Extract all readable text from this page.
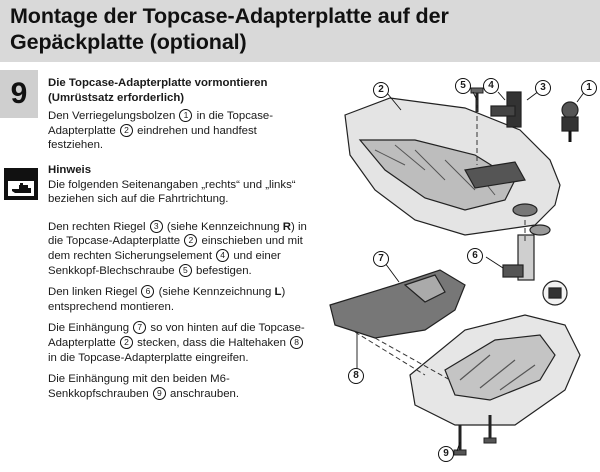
Montage der Topcase-Adapterplatte auf der
Gepäckplatte (optional)
9	Die Topcase-Adapterplatte vormontieren
(Umrüstsatz erforderlich)

Den Verriegelungsbolzen 1 in die Topcase-Adapterplatte 2 eindrehen und handfest festziehen.

Hinweis

Die folgenden Seitenangaben „rechts“ und „links“ beziehen sich auf die Fahrtrichtung.

Den rechten Riegel 3 (siehe Kennzeichnung R) in die Topcase-Adapterplatte 2 einschieben und mit dem rechten Sicherungselement 4 und einer Senkkopf-Blechschraube 5 befestigen.

Den linken Riegel 6 (siehe Kennzeichnung L) entsprechend montieren.

Die Einhängung 7 so von hinten auf die Topcase-Adapterplatte 2 stecken, dass die Haltehaken 8 in die Topcase-Adapterplatte eingreifen.

Die Einhängung mit den beiden M6-Senkkopfschrauben 9 anschrauben.

2	5	4	3	1
6
7
8
9
